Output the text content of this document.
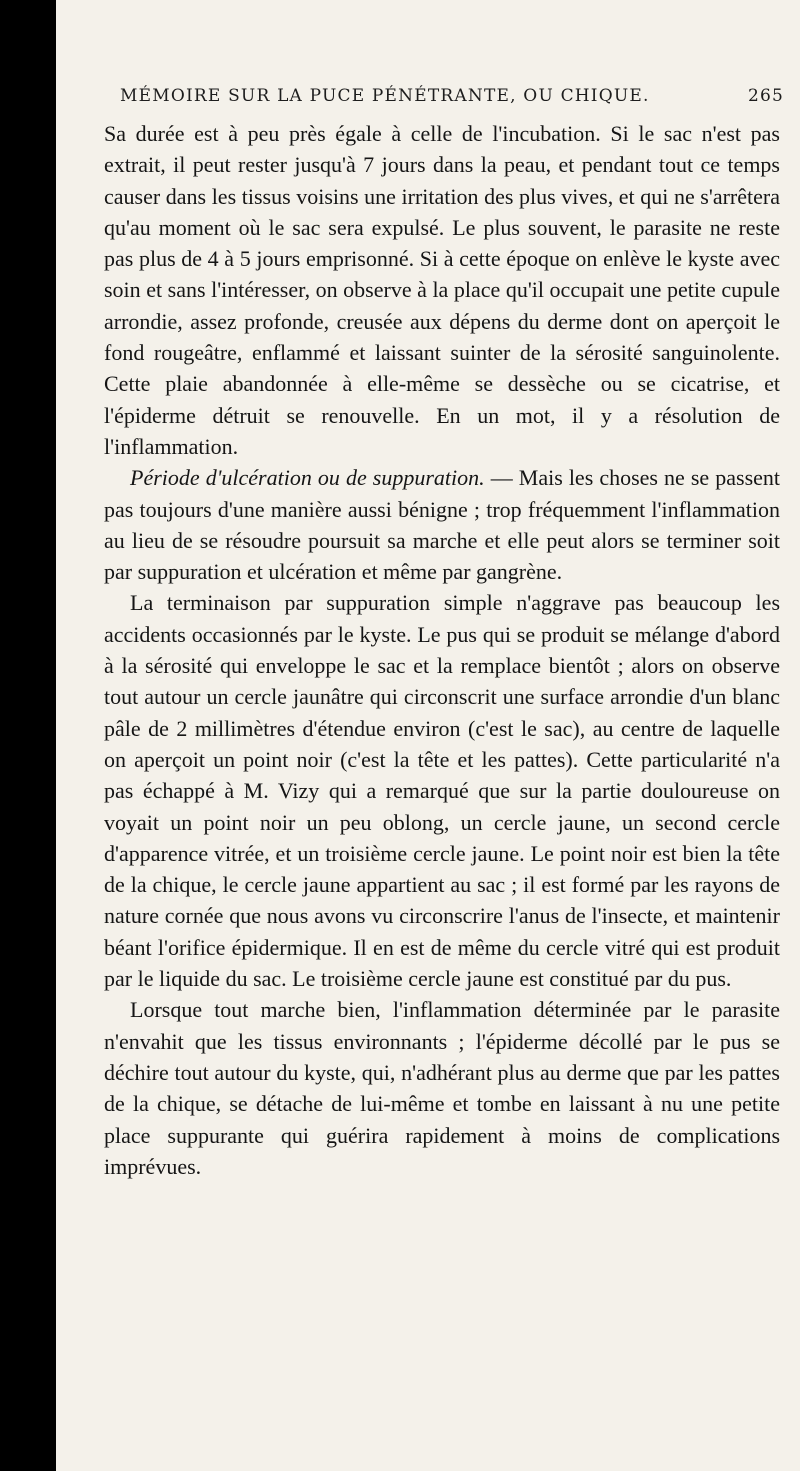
MÉMOIRE SUR LA PUCE PÉNÉTRANTE, OU CHIQUE.	265

Sa durée est à peu près égale à celle de l'incubation. Si le sac n'est pas extrait, il peut rester jusqu'à 7 jours dans la peau, et pendant tout ce temps causer dans les tissus voisins une irritation des plus vives, et qui ne s'arrêtera qu'au moment où le sac sera expulsé. Le plus souvent, le parasite ne reste pas plus de 4 à 5 jours emprisonné. Si à cette époque on enlève le kyste avec soin et sans l'intéresser, on observe à la place qu'il occupait une petite cupule arrondie, assez profonde, creusée aux dépens du derme dont on aperçoit le fond rougeâtre, enflammé et laissant suinter de la sérosité sanguinolente. Cette plaie abandonnée à elle-même se dessèche ou se cicatrise, et l'épiderme détruit se renouvelle. En un mot, il y a résolution de l'inflammation.

Période d'ulcération ou de suppuration. — Mais les choses ne se passent pas toujours d'une manière aussi bénigne ; trop fréquemment l'inflammation au lieu de se résoudre poursuit sa marche et elle peut alors se terminer soit par suppuration et ulcération et même par gangrène.

La terminaison par suppuration simple n'aggrave pas beaucoup les accidents occasionnés par le kyste. Le pus qui se produit se mélange d'abord à la sérosité qui enveloppe le sac et la remplace bientôt ; alors on observe tout autour un cercle jaunâtre qui circonscrit une surface arrondie d'un blanc pâle de 2 millimètres d'étendue environ (c'est le sac), au centre de laquelle on aperçoit un point noir (c'est la tête et les pattes). Cette particularité n'a pas échappé à M. Vizy qui a remarqué que sur la partie douloureuse on voyait un point noir un peu oblong, un cercle jaune, un second cercle d'apparence vitrée, et un troisième cercle jaune. Le point noir est bien la tête de la chique, le cercle jaune appartient au sac ; il est formé par les rayons de nature cornée que nous avons vu circonscrire l'anus de l'insecte, et maintenir béant l'orifice épidermique. Il en est de même du cercle vitré qui est produit par le liquide du sac. Le troisième cercle jaune est constitué par du pus.

Lorsque tout marche bien, l'inflammation déterminée par le parasite n'envahit que les tissus environnants ; l'épiderme décollé par le pus se déchire tout autour du kyste, qui, n'adhérant plus au derme que par les pattes de la chique, se détache de lui-même et tombe en laissant à nu une petite place suppurante qui guérira rapidement à moins de complications imprévues.
